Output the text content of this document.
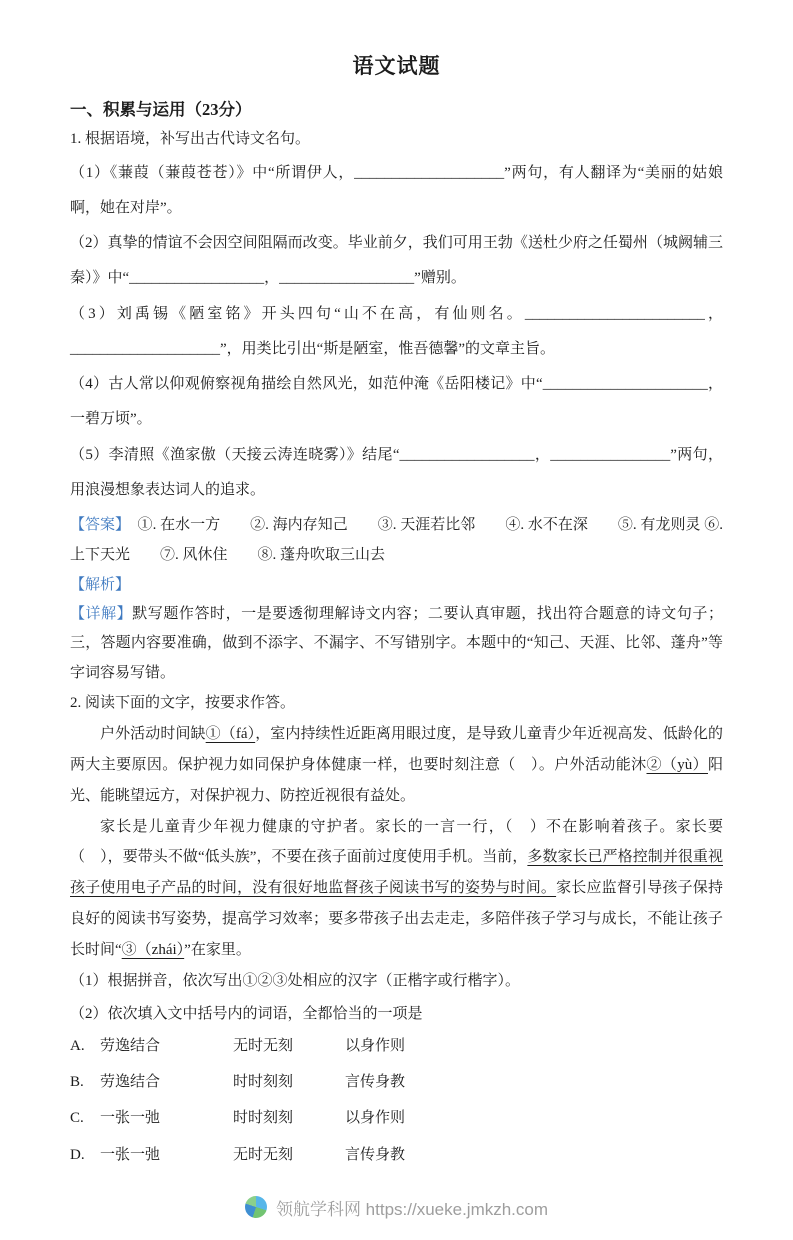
语文试题
一、积累与运用（23分）

1. 根据语境，补写出古代诗文名句。

（1）《蒹葭（蒹葭苍苍）》中“所谓伊人，____________________”两句，有人翻译为“美丽的姑娘啊，她在对岸”。

（2）真挚的情谊不会因空间阻隔而改变。毕业前夕，我们可用王勃《送杜少府之任蜀州（城阙辅三秦）》中“__________________，__________________”赠别。

（3）刘禹锡《陋室铭》开头四句“山不在高，有仙则名。________________________，____________________”，用类比引出“斯是陋室，惟吾德馨”的文章主旨。

（4）古人常以仰观俯察视角描绘自然风光，如范仲淹《岳阳楼记》中“______________________，一碧万顷”。

（5）李清照《渔家傲（天接云涛连晓雾）》结尾“__________________，________________”两句，用浪漫想象表达词人的追求。

【答案】　①. 在水一方　　②. 海内存知己　　③. 天涯若比邻　　④. 水不在深　　⑤. 有龙则灵 ⑥. 上下天光　　⑦. 风休住　　⑧. 蓬舟吹取三山去

【解析】

【详解】默写题作答时，一是要透彻理解诗文内容；二要认真审题，找出符合题意的诗文句子；三，答题内容要准确，做到不添字、不漏字、不写错别字。本题中的“知己、天涯、比邻、蓬舟”等字词容易写错。

2. 阅读下面的文字，按要求作答。

户外活动时间缺①（fá），室内持续性近距离用眼过度，是导致儿童青少年近视高发、低龄化的两大主要原因。保护视力如同保护身体健康一样，也要时刻注意（　）。户外活动能沐②（yù）阳光、能眺望远方，对保护视力、防控近视很有益处。

家长是儿童青少年视力健康的守护者。家长的一言一行，（　）不在影响着孩子。家长要（　），要带头不做“低头族”，不要在孩子面前过度使用手机。当前，多数家长已严格控制并很重视孩子使用电子产品的时间，没有很好地监督孩子阅读书写的姿势与时间。家长应监督引导孩子保持良好的阅读书写姿势，提高学习效率；要多带孩子出去走走，多陪伴孩子学习与成长，不能让孩子长时间“③（zhái）”在家里。

（1）根据拼音，依次写出①②③处相应的汉字（正楷字或行楷字）。

（2）依次填入文中括号内的词语，全都恰当的一项是

A.	劳逸结合	无时无刻	以身作则
B.	劳逸结合	时时刻刻	言传身教
C.	一张一弛	时时刻刻	以身作则
D.	一张一弛	无时无刻	言传身教
领航学科网 https://xueke.jmkzh.com
